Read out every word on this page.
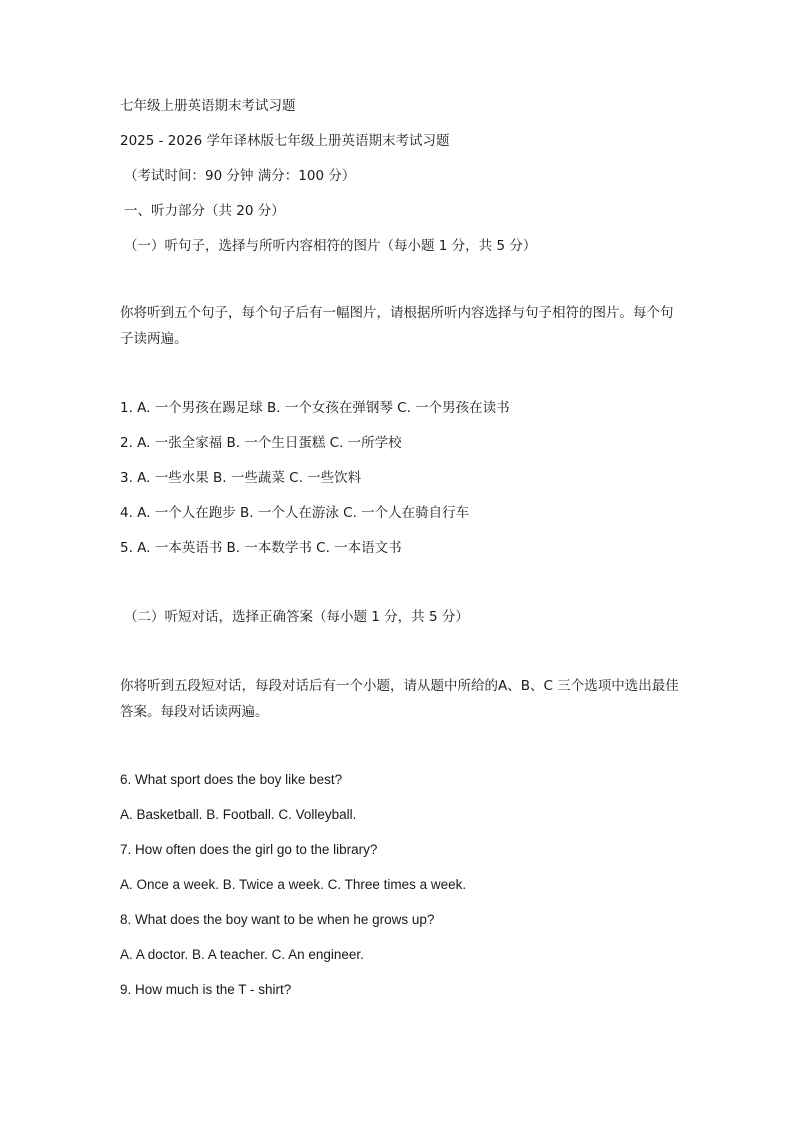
七年级上册英语期末考试习题
2025 - 2026 学年译林版七年级上册英语期末考试习题
（考试时间：90 分钟 满分：100 分）
一、听力部分（共 20 分）
（一）听句子，选择与所听内容相符的图片（每小题 1 分，共 5 分）
你将听到五个句子，每个句子后有一幅图片，请根据所听内容选择与句子相符的图片。每个句子读两遍。
1. A. 一个男孩在踢足球 B. 一个女孩在弹钢琴 C. 一个男孩在读书
2. A. 一张全家福 B. 一个生日蛋糕 C. 一所学校
3. A. 一些水果 B. 一些蔬菜 C. 一些饮料
4. A. 一个人在跑步 B. 一个人在游泳 C. 一个人在骑自行车
5. A. 一本英语书 B. 一本数学书 C. 一本语文书
（二）听短对话，选择正确答案（每小题 1 分，共 5 分）
你将听到五段短对话，每段对话后有一个小题，请从题中所给的A、B、C 三个选项中选出最佳答案。每段对话读两遍。
6. What sport does the boy like best?
A. Basketball. B. Football. C. Volleyball.
7. How often does the girl go to the library?
A. Once a week. B. Twice a week. C. Three times a week.
8. What does the boy want to be when he grows up?
A. A doctor. B. A teacher. C. An engineer.
9. How much is the T - shirt?
